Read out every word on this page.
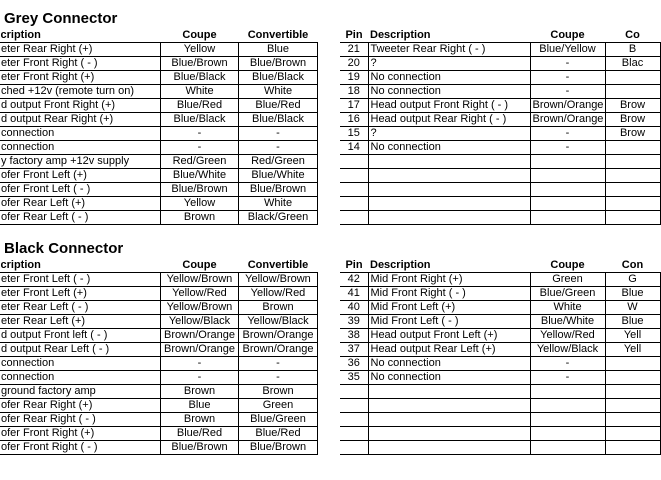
Grey Connector
cription	Coupe	Convertible
eter Rear Right (+)	Yellow	Blue
eter Front Right ( - )	Blue/Brown	Blue/Brown
eter Front Right (+)	Blue/Black	Blue/Black
ched +12v (remote turn on)	White	White
d output Front Right (+)	Blue/Red	Blue/Red
d output Rear Right (+)	Blue/Black	Blue/Black
connection	-	-
connection	-	-
y factory amp +12v supply	Red/Green	Red/Green
ofer Front Left (+)	Blue/White	Blue/White
ofer Front Left ( - )	Blue/Brown	Blue/Brown
ofer Rear Left (+)	Yellow	White
ofer Rear Left ( - )	Brown	Black/Green
Pin	Description	Coupe	Co
21	Tweeter Rear Right ( - )	Blue/Yellow	B
20	?	-	Blac
19	No connection	-	
18	No connection	-	
17	Head output Front Right ( - )	Brown/Orange	Brow
16	Head output Rear Right ( - )	Brown/Orange	Brow
15	?	-	Brow
14	No connection	-	

Black Connector
cription	Coupe	Convertible
eter Front Left ( - )	Yellow/Brown	Yellow/Brown
eter Front Left (+)	Yellow/Red	Yellow/Red
eter Rear Left ( - )	Yellow/Brown	Brown
eter Rear Left (+)	Yellow/Black	Yellow/Black
d output Front left ( - )	Brown/Orange	Brown/Orange
d output Rear Left ( - )	Brown/Orange	Brown/Orange
connection	-	-
connection	-	-
ground factory amp	Brown	Brown
ofer Rear Right (+)	Blue	Green
ofer Rear Right ( - )	Brown	Blue/Green
ofer Front Right (+)	Blue/Red	Blue/Red
ofer Front Right ( - )	Blue/Brown	Blue/Brown
Pin	Description	Coupe	Con
42	Mid Front Right (+)	Green	G
41	Mid Front Right ( - )	Blue/Green	Blue
40	Mid Front Left (+)	White	W
39	Mid Front Left ( - )	Blue/White	Blue
38	Head output Front Left (+)	Yellow/Red	Yell
37	Head output Rear Left (+)	Yellow/Black	Yell
36	No connection	-	
35	No connection	-	
